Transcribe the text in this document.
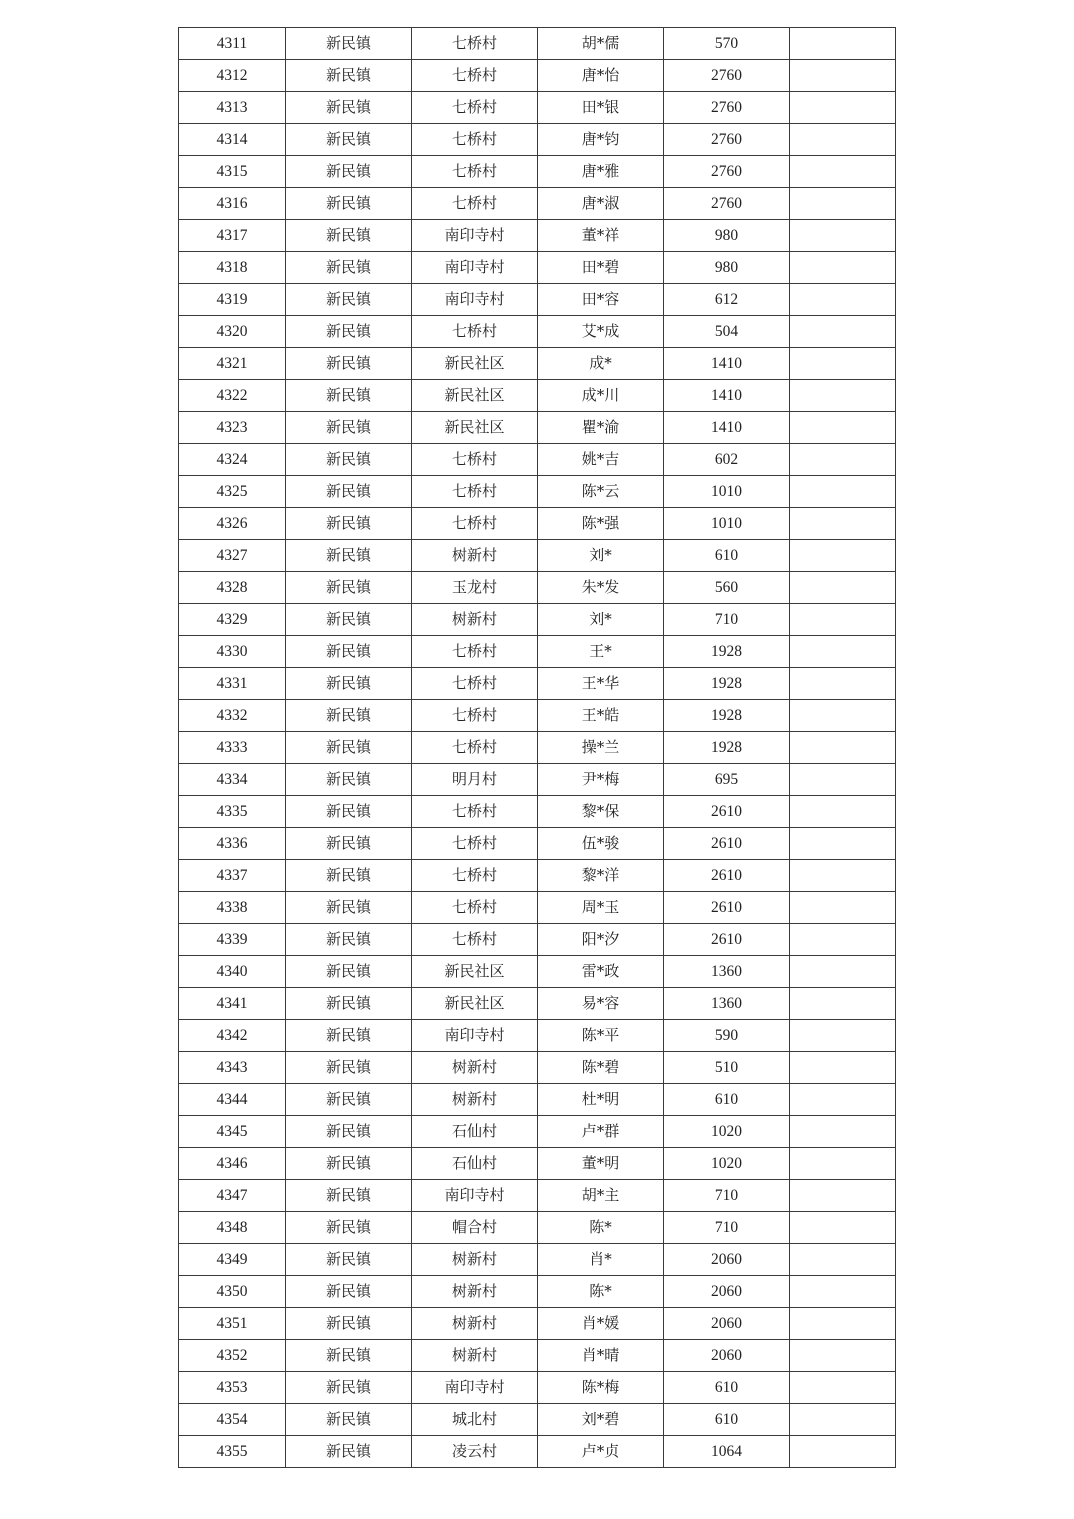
4311	新民镇	七桥村	胡*儒	570	
4312	新民镇	七桥村	唐*怡	2760	
4313	新民镇	七桥村	田*银	2760	
4314	新民镇	七桥村	唐*钧	2760	
4315	新民镇	七桥村	唐*雅	2760	
4316	新民镇	七桥村	唐*淑	2760	
4317	新民镇	南印寺村	董*祥	980	
4318	新民镇	南印寺村	田*碧	980	
4319	新民镇	南印寺村	田*容	612	
4320	新民镇	七桥村	艾*成	504	
4321	新民镇	新民社区	成*	1410	
4322	新民镇	新民社区	成*川	1410	
4323	新民镇	新民社区	瞿*渝	1410	
4324	新民镇	七桥村	姚*吉	602	
4325	新民镇	七桥村	陈*云	1010	
4326	新民镇	七桥村	陈*强	1010	
4327	新民镇	树新村	刘*	610	
4328	新民镇	玉龙村	朱*发	560	
4329	新民镇	树新村	刘*	710	
4330	新民镇	七桥村	王*	1928	
4331	新民镇	七桥村	王*华	1928	
4332	新民镇	七桥村	王*皓	1928	
4333	新民镇	七桥村	操*兰	1928	
4334	新民镇	明月村	尹*梅	695	
4335	新民镇	七桥村	黎*保	2610	
4336	新民镇	七桥村	伍*骏	2610	
4337	新民镇	七桥村	黎*洋	2610	
4338	新民镇	七桥村	周*玉	2610	
4339	新民镇	七桥村	阳*汐	2610	
4340	新民镇	新民社区	雷*政	1360	
4341	新民镇	新民社区	易*容	1360	
4342	新民镇	南印寺村	陈*平	590	
4343	新民镇	树新村	陈*碧	510	
4344	新民镇	树新村	杜*明	610	
4345	新民镇	石仙村	卢*群	1020	
4346	新民镇	石仙村	董*明	1020	
4347	新民镇	南印寺村	胡*主	710	
4348	新民镇	帽合村	陈*	710	
4349	新民镇	树新村	肖*	2060	
4350	新民镇	树新村	陈*	2060	
4351	新民镇	树新村	肖*媛	2060	
4352	新民镇	树新村	肖*晴	2060	
4353	新民镇	南印寺村	陈*梅	610	
4354	新民镇	城北村	刘*碧	610	
4355	新民镇	凌云村	卢*贞	1064	
